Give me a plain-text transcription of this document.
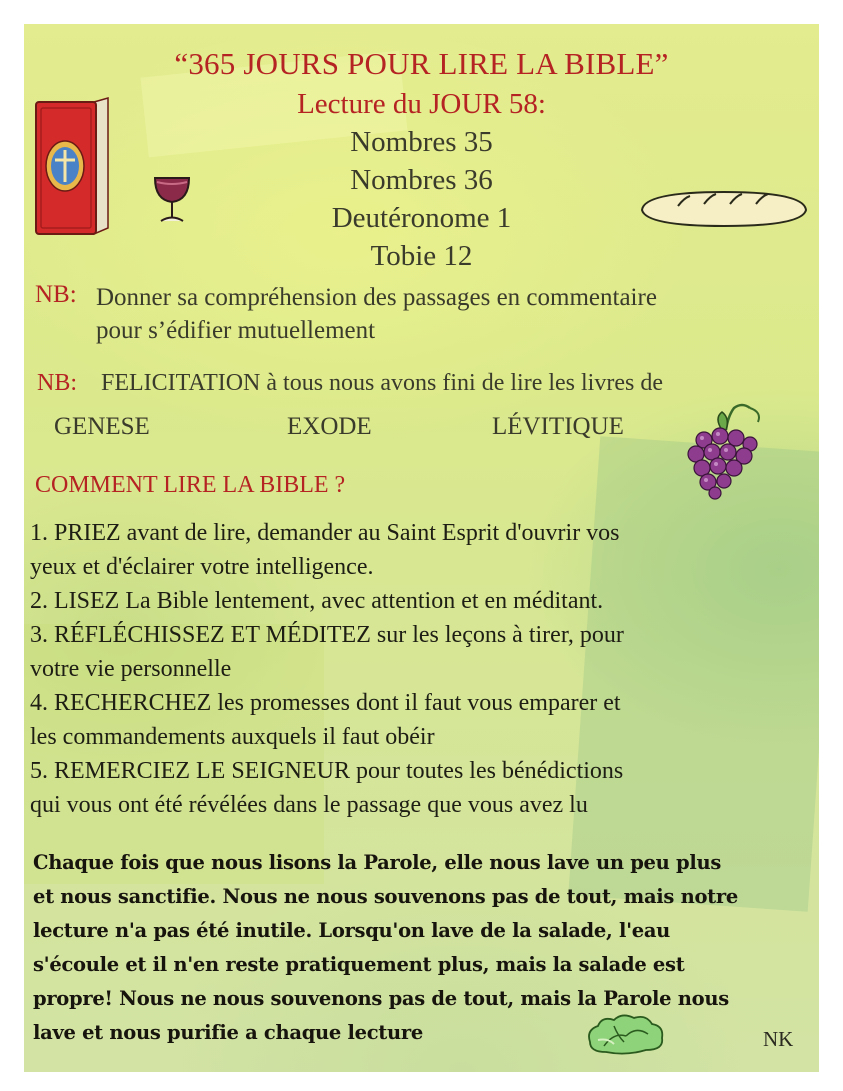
“365 JOURS POUR LIRE LA BIBLE”
Lecture du JOUR 58:
Nombres 35
Nombres 36
Deutéronome 1
Tobie 12
NB: Donner sa compréhension des passages en commentaire
pour s’édifier mutuellement
NB: FELICITATION à tous nous avons fini de lire les livres de
GENESE	EXODE	LÉVITIQUE
COMMENT LIRE LA BIBLE ?
1. PRIEZ avant de lire, demander au Saint Esprit d'ouvrir vos
yeux et d'éclairer votre intelligence.
2. LISEZ La Bible lentement, avec attention et en méditant.
3. RÉFLÉCHISSEZ ET MÉDITEZ sur les leçons à tirer, pour
votre vie personnelle
4. RECHERCHEZ les promesses dont il faut vous emparer et
les commandements auxquels il faut obéir
5. REMERCIEZ LE SEIGNEUR pour toutes les bénédictions
qui vous ont été révélées dans le passage que vous avez lu
Chaque fois que nous lisons la Parole, elle nous lave un peu plus
et nous sanctifie. Nous ne nous souvenons pas de tout, mais notre
lecture n'a pas été inutile. Lorsqu'on lave de la salade, l'eau
s'écoule et il n'en reste pratiquement plus, mais la salade est
propre! Nous ne nous souvenons pas de tout, mais la Parole nous
lave et nous purifie a chaque lecture	NK
